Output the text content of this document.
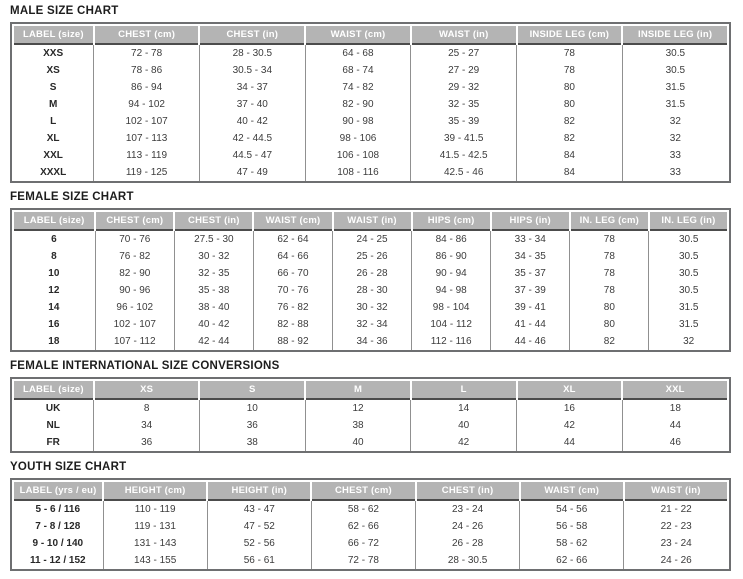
MALE SIZE CHART
LABEL (size)	CHEST (cm)	CHEST (in)	WAIST (cm)	WAIST (in)	INSIDE LEG (cm)	INSIDE LEG (in)
XXS	72 - 78	28 - 30.5	64 - 68	25 - 27	78	30.5
XS	78 - 86	30.5 - 34	68 - 74	27 - 29	78	30.5
S	86 - 94	34 - 37	74 - 82	29 - 32	80	31.5
M	94 - 102	37 - 40	82 - 90	32 - 35	80	31.5
L	102 - 107	40 - 42	90 - 98	35 - 39	82	32
XL	107 - 113	42 - 44.5	98 - 106	39 - 41.5	82	32
XXL	113 - 119	44.5 - 47	106 - 108	41.5 - 42.5	84	33
XXXL	119 - 125	47 - 49	108 - 116	42.5 - 46	84	33
FEMALE SIZE CHART
LABEL (size)	CHEST (cm)	CHEST (in)	WAIST (cm)	WAIST (in)	HIPS (cm)	HIPS (in)	IN. LEG (cm)	IN. LEG (in)
6	70 - 76	27.5 - 30	62 - 64	24 - 25	84 - 86	33 - 34	78	30.5
8	76 - 82	30 - 32	64 - 66	25 - 26	86 - 90	34 - 35	78	30.5
10	82 - 90	32 - 35	66 - 70	26 - 28	90 - 94	35 - 37	78	30.5
12	90 - 96	35 - 38	70 - 76	28 - 30	94 - 98	37 - 39	78	30.5
14	96 - 102	38 - 40	76 - 82	30 - 32	98 - 104	39 - 41	80	31.5
16	102 - 107	40 - 42	82 - 88	32 - 34	104 - 112	41 - 44	80	31.5
18	107 - 112	42 - 44	88 - 92	34 - 36	112 - 116	44 - 46	82	32
FEMALE INTERNATIONAL SIZE CONVERSIONS
LABEL (size)	XS	S	M	L	XL	XXL
UK	8	10	12	14	16	18
NL	34	36	38	40	42	44
FR	36	38	40	42	44	46
YOUTH SIZE CHART
LABEL (yrs / eu)	HEIGHT (cm)	HEIGHT (in)	CHEST (cm)	CHEST (in)	WAIST (cm)	WAIST (in)
5 - 6 / 116	110 - 119	43 - 47	58 - 62	23 - 24	54 - 56	21 - 22
7 - 8 / 128	119 - 131	47 - 52	62 - 66	24 - 26	56 - 58	22 - 23
9 - 10 / 140	131 - 143	52 - 56	66 - 72	26 - 28	58 - 62	23 - 24
11 - 12 / 152	143 - 155	56 - 61	72 - 78	28 - 30.5	62 - 66	24 - 26
